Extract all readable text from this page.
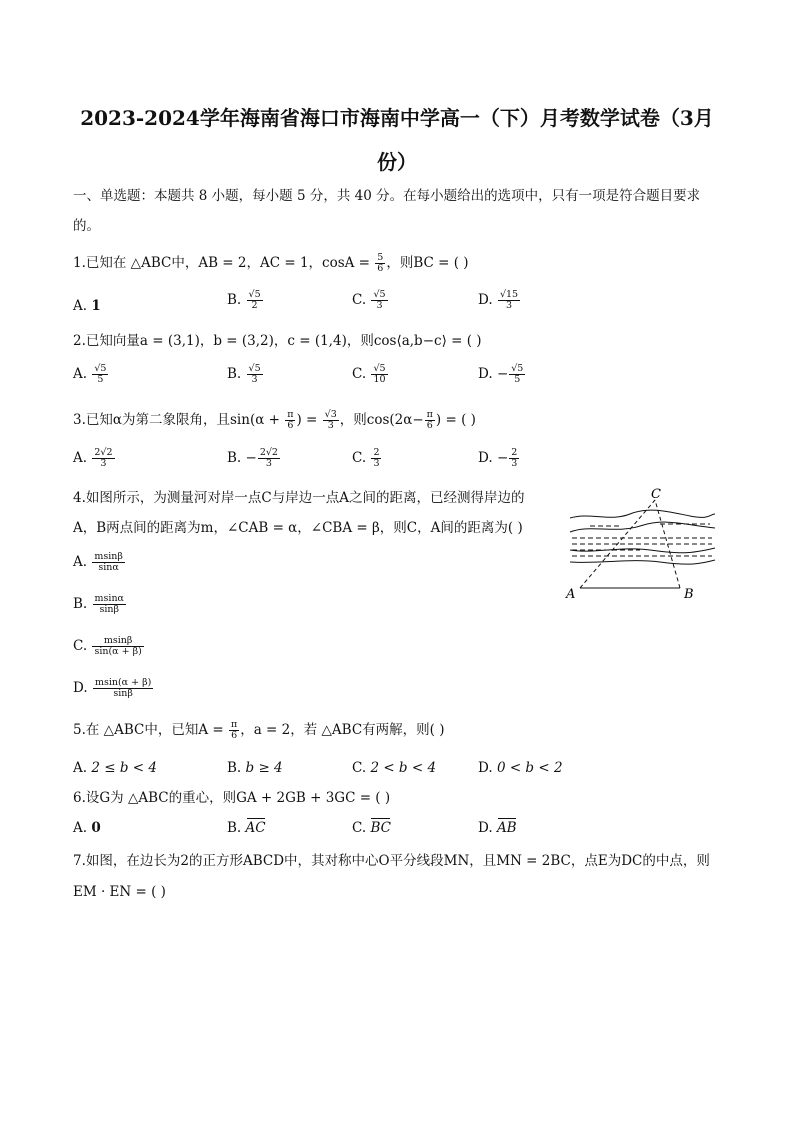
2023-2024学年海南省海口市海南中学高一（下）月考数学试卷（3月
份）
一、单选题：本题共 8 小题，每小题 5 分，共 40 分。在每小题给出的选项中，只有一项是符合题目要求
的。
1.已知在 △ABC中，AB = 2，AC = 1，$\cos A = \frac{5}{6}$ ，则BC = ( )
A. 1	B. $\frac{√5}{2}$	C. $\frac{√5}{3}$	D. $\frac{√15}{3}$
2.已知向量a = (3,1)，b = (3,2)，c = (1,4)，则cos⟨a,b−c⟩ = ( )
A. $\frac{√5}{5}$	B. $\frac{√5}{3}$	C. $\frac{√5}{10}$	D. − $\frac{√5}{5}$
3.已知α为第二象限角，且$\sin(\alpha + \frac{\pi}{6}$ ) = $\frac{√3}{3}$ ，则$\cos(2\alpha- \frac{\pi}{6}$ ) = ( )
A. $\frac{2√2}{3}$	B. − $\frac{2√2}{3}$	C. $\frac{2}{3}$	D. − $\frac{2}{3}$
4.如图所示，为测量河对岸一点C与岸边一点A之间的距离，已经测得岸边的
A，B两点间的距离为m，∠CAB = α，∠CBA = β，则C，A间的距离为( )
A. $\frac{msin\beta}{\sin\alpha}$
B. $\frac{msin\alpha}{\sin\beta}$
C. $\frac{msin\beta}{\sin(\alpha + \beta)}$
D. $\frac{msin(\alpha + \beta)}{\sin\beta}$
C
A	B
5.在 △ABC中，已知$A = \frac{\pi}{6}$ ，a = 2，若 △ABC有两解，则( )
A. 2 ≤ b < 4	B. b ≥ 4	C. 2 < b < 4	D. 0 < b < 2
6.设G为 △ABC的重心，则GA + 2GB + 3GC = ( )
A. 0	B. AC	C. BC	D. AB
7.如图，在边长为2的正方形ABCD中，其对称中心O平分线段MN，且MN = 2BC，点E为DC的中点，则
EM · EN = ( )
